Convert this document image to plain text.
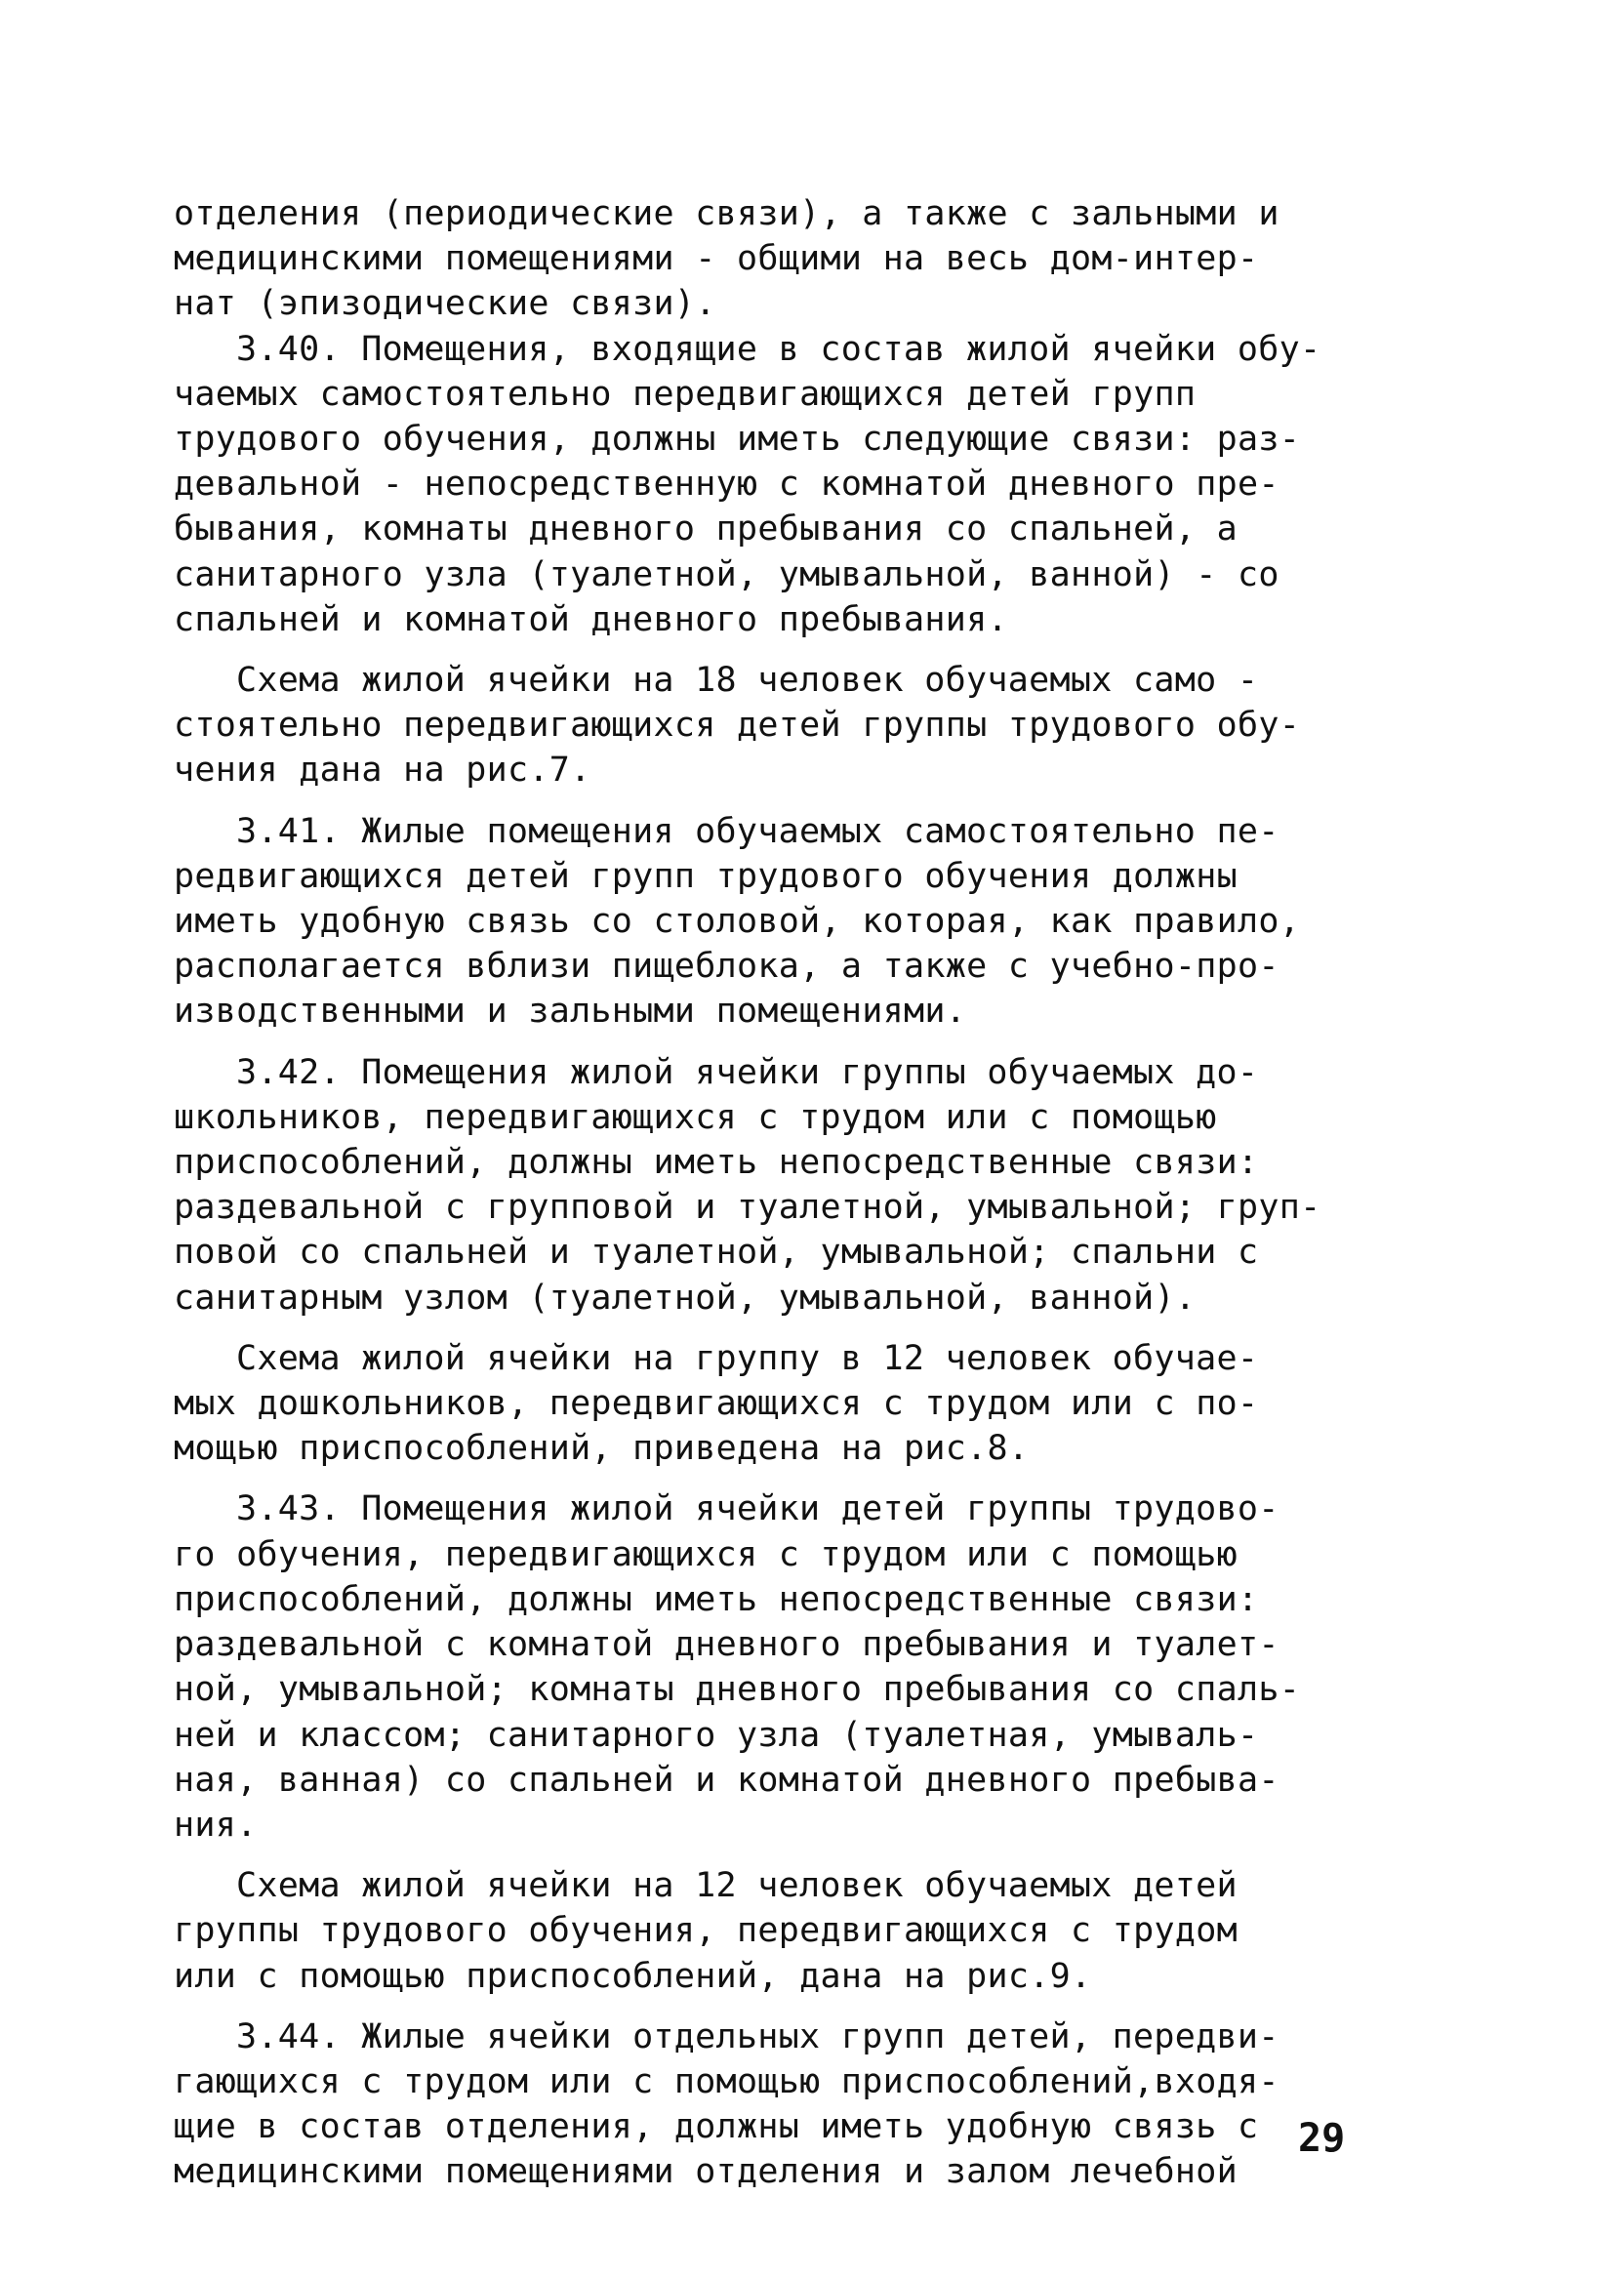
отделения (периодические связи), а также с зальными и
медицинскими помещениями - общими на весь дом-интер-
нат (эпизодические связи).

3.40. Помещения, входящие в состав жилой ячейки обу-
чаемых самостоятельно передвигающихся детей групп
трудового обучения, должны иметь следующие связи: раз-
девальной - непосредственную с комнатой дневного пре-
бывания, комнаты дневного пребывания со спальней, а
санитарного узла (туалетной, умывальной, ванной) - со
спальней и комнатой дневного пребывания.

Схема жилой ячейки на 18 человек обучаемых само -
стоятельно передвигающихся детей группы трудового обу-
чения дана на рис.7.

3.41. Жилые помещения обучаемых самостоятельно пе-
редвигающихся детей групп трудового обучения должны
иметь удобную связь со столовой, которая, как правило,
располагается вблизи пищеблока, а также с учебно-про-
изводственными и зальными помещениями.

3.42. Помещения жилой ячейки группы обучаемых до-
школьников, передвигающихся с трудом или с помощью
приспособлений, должны иметь непосредственные связи:
раздевальной с групповой и туалетной, умывальной; груп-
повой со спальней и туалетной, умывальной; спальни с
санитарным узлом (туалетной, умывальной, ванной).

Схема жилой ячейки на группу в 12 человек обучае-
мых дошкольников, передвигающихся с трудом или с по-
мощью приспособлений, приведена на рис.8.

3.43. Помещения жилой ячейки детей группы трудово-
го обучения, передвигающихся с трудом или с помощью
приспособлений, должны иметь непосредственные связи:
раздевальной с комнатой дневного пребывания и туалет-
ной, умывальной; комнаты дневного пребывания со спаль-
ней и классом; санитарного узла (туалетная, умываль-
ная, ванная) со спальней и комнатой дневного пребыва-
ния.

Схема жилой ячейки на 12 человек обучаемых детей
группы трудового обучения, передвигающихся с трудом
или с помощью приспособлений, дана на рис.9.

3.44. Жилые ячейки отдельных групп детей, передви-
гающихся с трудом или с помощью приспособлений,входя-
щие в состав отделения, должны иметь удобную связь с
медицинскими помещениями отделения и залом лечебной

29
